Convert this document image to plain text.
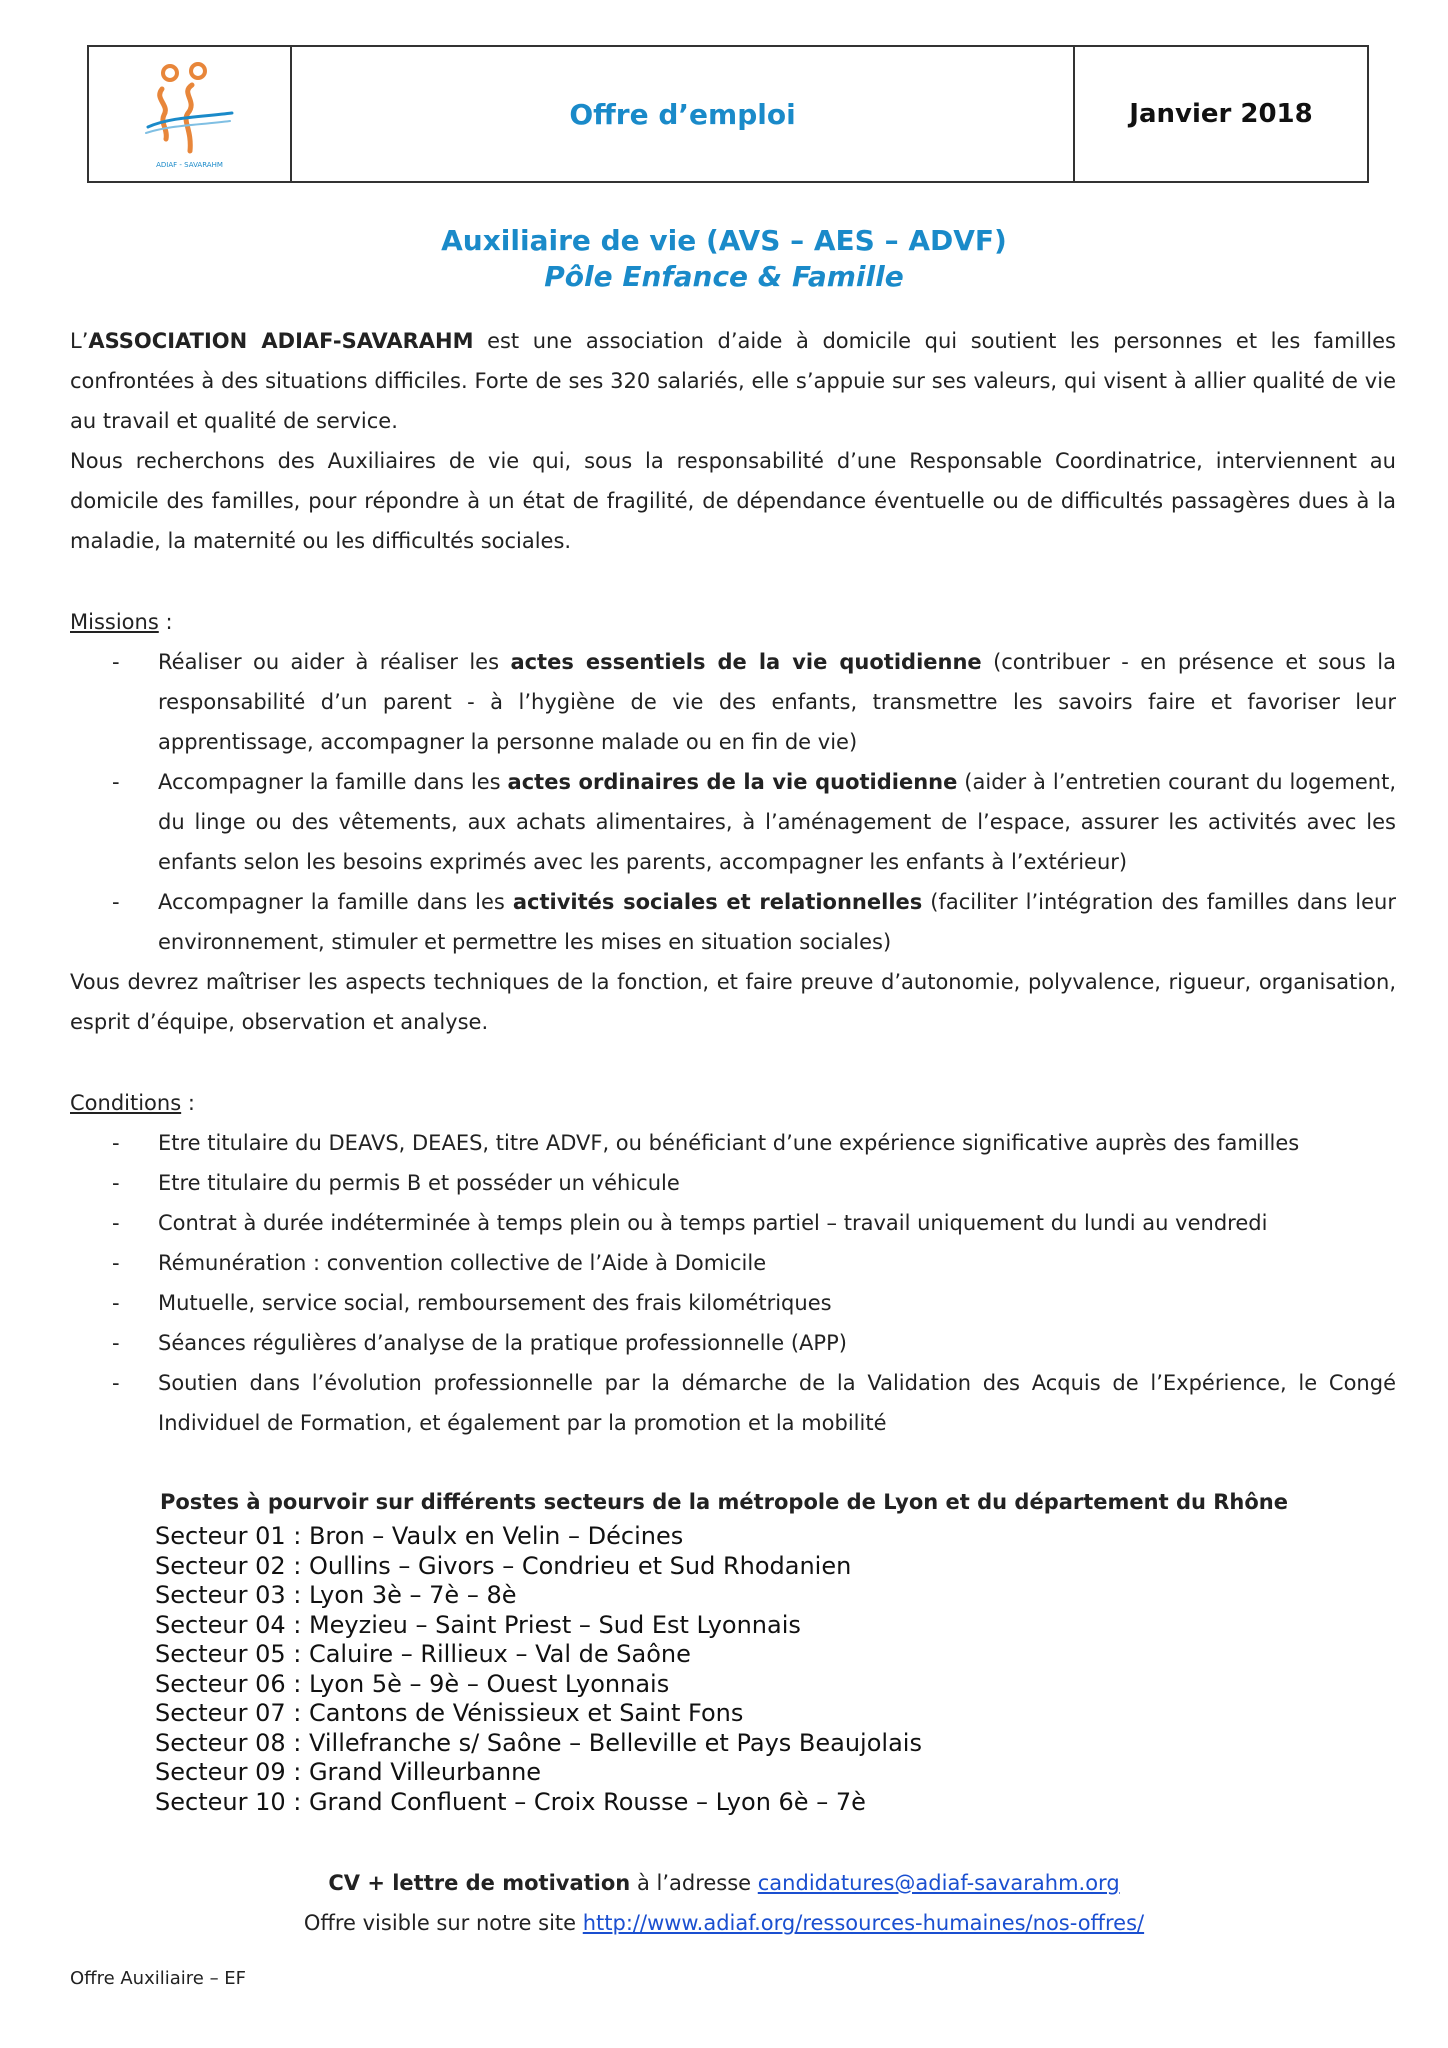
ADIAF - SAVARAHM
Offre d’emploi	Janvier 2018
Auxiliaire de vie (AVS – AES – ADVF)
Pôle Enfance & Famille
L’ASSOCIATION ADIAF-SAVARAHM est une association d’aide à domicile qui soutient les personnes et les familles confrontées à des situations difficiles. Forte de ses 320 salariés, elle s’appuie sur ses valeurs, qui visent à allier qualité de vie au travail et qualité de service.
Nous recherchons des Auxiliaires de vie qui, sous la responsabilité d’une Responsable Coordinatrice, interviennent au domicile des familles, pour répondre à un état de fragilité, de dépendance éventuelle ou de difficultés passagères dues à la maladie, la maternité ou les difficultés sociales.
Missions :
- Réaliser ou aider à réaliser les actes essentiels de la vie quotidienne (contribuer - en présence et sous la responsabilité d’un parent - à l’hygiène de vie des enfants, transmettre les savoirs faire et favoriser leur apprentissage, accompagner la personne malade ou en fin de vie)
- Accompagner la famille dans les actes ordinaires de la vie quotidienne (aider à l’entretien courant du logement, du linge ou des vêtements, aux achats alimentaires, à l’aménagement de l’espace, assurer les activités avec les enfants selon les besoins exprimés avec les parents, accompagner les enfants à l’extérieur)
- Accompagner la famille dans les activités sociales et relationnelles (faciliter l’intégration des familles dans leur environnement, stimuler et permettre les mises en situation sociales)
Vous devrez maîtriser les aspects techniques de la fonction, et faire preuve d’autonomie, polyvalence, rigueur, organisation, esprit d’équipe, observation et analyse.
Conditions :
- Etre titulaire du DEAVS, DEAES, titre ADVF, ou bénéficiant d’une expérience significative auprès des familles
- Etre titulaire du permis B et posséder un véhicule
- Contrat à durée indéterminée à temps plein ou à temps partiel – travail uniquement du lundi au vendredi
- Rémunération : convention collective de l’Aide à Domicile
- Mutuelle, service social, remboursement des frais kilométriques
- Séances régulières d’analyse de la pratique professionnelle (APP)
- Soutien dans l’évolution professionnelle par la démarche de la Validation des Acquis de l’Expérience, le Congé Individuel de Formation, et également par la promotion et la mobilité
Postes à pourvoir sur différents secteurs de la métropole de Lyon et du département du Rhône
Secteur 01 : Bron – Vaulx en Velin – Décines
Secteur 02 : Oullins – Givors – Condrieu et Sud Rhodanien
Secteur 03 : Lyon 3è – 7è – 8è
Secteur 04 : Meyzieu – Saint Priest – Sud Est Lyonnais
Secteur 05 : Caluire – Rillieux – Val de Saône
Secteur 06 : Lyon 5è – 9è – Ouest Lyonnais
Secteur 07 : Cantons de Vénissieux et Saint Fons
Secteur 08 : Villefranche s/ Saône – Belleville et Pays Beaujolais
Secteur 09 : Grand Villeurbanne
Secteur 10 : Grand Confluent – Croix Rousse – Lyon 6è – 7è
CV + lettre de motivation à l’adresse candidatures@adiaf-savarahm.org
Offre visible sur notre site http://www.adiaf.org/ressources-humaines/nos-offres/
Offre Auxiliaire – EF
